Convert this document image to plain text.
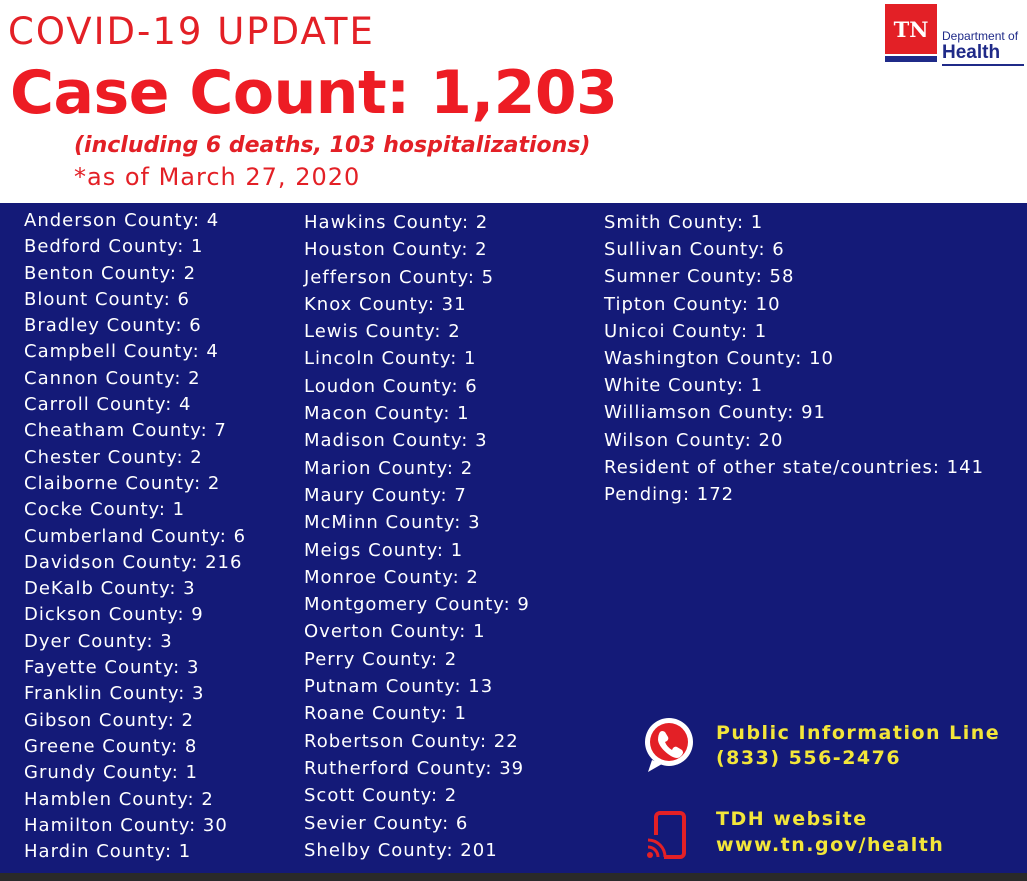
COVID-19 UPDATE
Case Count: 1,203
(including 6 deaths, 103 hospitalizations)
*as of March 27, 2020
TN	Department of
Health
Anderson County: 4
Bedford County: 1
Benton County: 2
Blount County: 6
Bradley County: 6
Campbell County: 4
Cannon County: 2
Carroll County: 4
Cheatham County: 7
Chester County: 2
Claiborne County: 2
Cocke County: 1
Cumberland County: 6
Davidson County: 216
DeKalb County: 3
Dickson County: 9
Dyer County: 3
Fayette County: 3
Franklin County: 3
Gibson County: 2
Greene County: 8
Grundy County: 1
Hamblen County: 2
Hamilton County: 30
Hardin County: 1
Hawkins County: 2
Houston County: 2
Jefferson County: 5
Knox County: 31
Lewis County: 2
Lincoln County: 1
Loudon County: 6
Macon County: 1
Madison County: 3
Marion County: 2
Maury County: 7
McMinn County: 3
Meigs County: 1
Monroe County: 2
Montgomery County: 9
Overton County: 1
Perry County: 2
Putnam County: 13
Roane County: 1
Robertson County: 22
Rutherford County: 39
Scott County: 2
Sevier County: 6
Shelby County: 201
Smith County: 1
Sullivan County: 6
Sumner County: 58
Tipton County: 10
Unicoi County: 1
Washington County: 10
White County: 1
Williamson County: 91
Wilson County: 20
Resident of other state/countries: 141
Pending: 172
Public Information Line
(833) 556-2476
TDH website
www.tn.gov/health
